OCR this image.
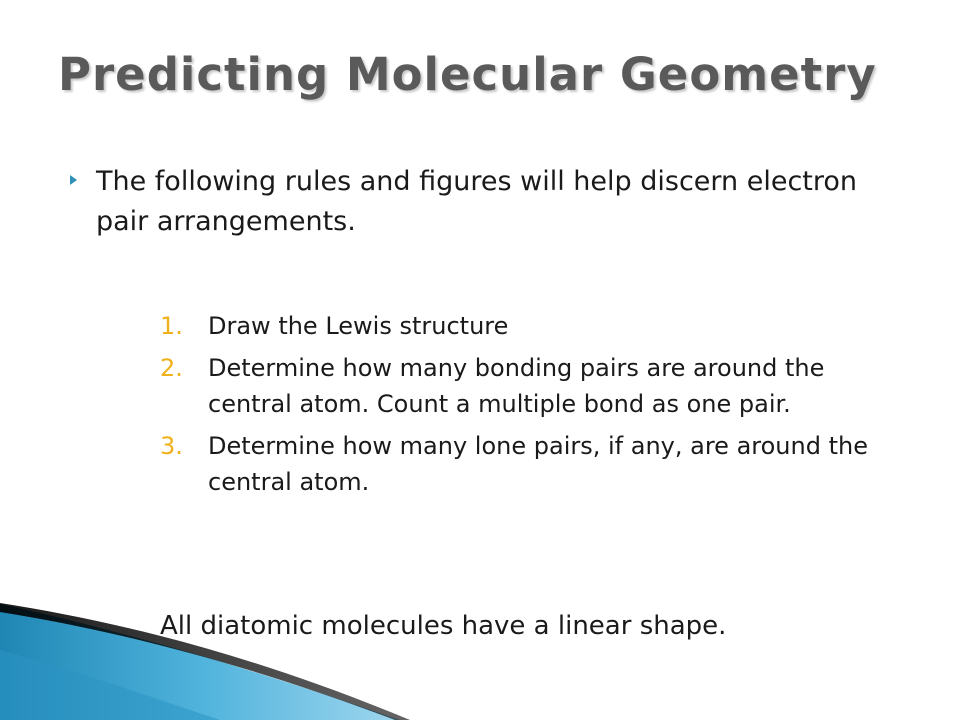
Predicting Molecular Geometry
The following rules and figures will help discern electron pair arrangements.
1. Draw the Lewis structure
2. Determine how many bonding pairs are around the central atom. Count a multiple bond as one pair.
3. Determine how many lone pairs, if any, are around the central atom.
All diatomic molecules have a linear shape.
